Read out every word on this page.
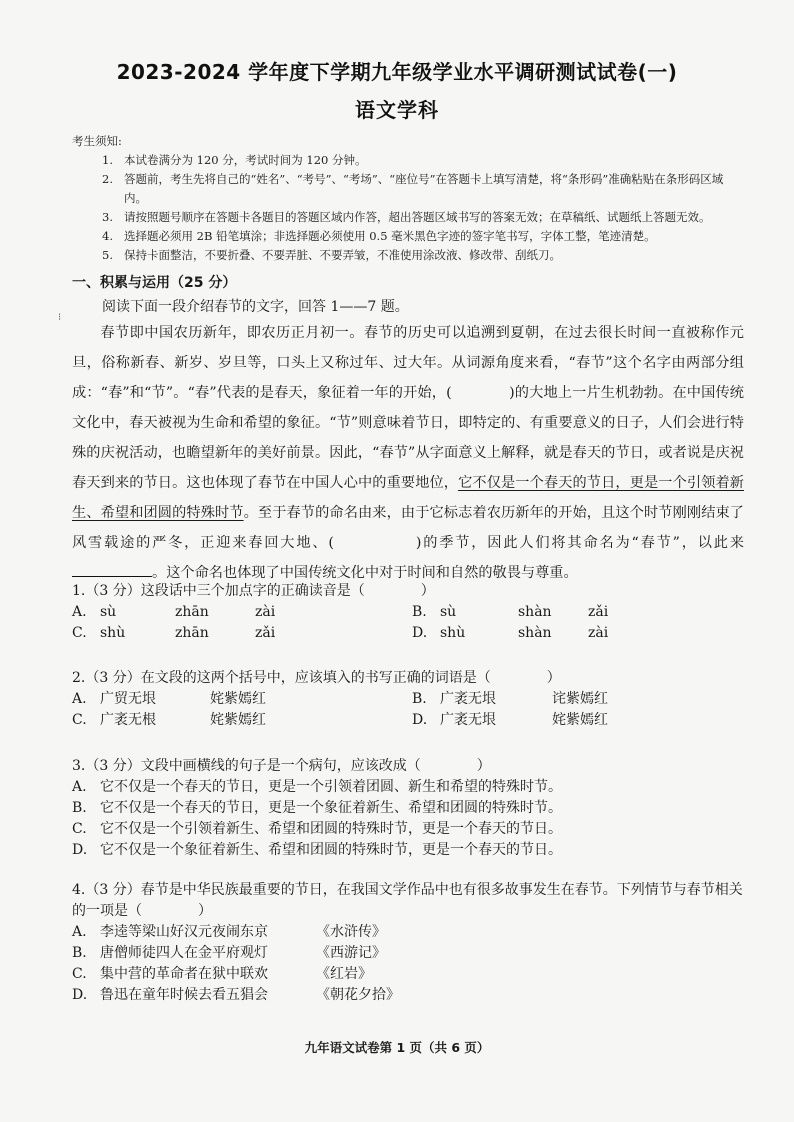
2023-2024 学年度下学期九年级学业水平调研测试试卷(一)
语文学科
考生须知:
1. 本试卷满分为 120 分，考试时间为 120 分钟。
2. 答题前，考生先将自己的“姓名”、“考号”、“考场”、“座位号”在答题卡上填写清楚，将“条形码”准确粘贴在条形码区域内。
3. 请按照题号顺序在答题卡各题目的答题区域内作答，超出答题区域书写的答案无效；在草稿纸、试题纸上答题无效。
4. 选择题必须用 2B 铅笔填涂；非选择题必须使用 0.5 毫米黑色字迹的签字笔书写，字体工整，笔迹清楚。
5. 保持卡面整洁，不要折叠、不要弄脏、不要弄皱，不准使用涂改液、修改带、刮纸刀。
一、积累与运用（25 分）
阅读下面一段介绍春节的文字，回答 1——7 题。
⁝

春节即中国农历新年，即农历正月初一。春节的历史可以追溯到夏朝，在过去很长时间一直被称作元旦，俗称新春、新岁、岁旦等，口头上又称过年、过大年。从词源角度来看，“春节”这个名字由两部分组成：“春”和“节”。“春”代表的是春天，象征着一年的开始，(　　　　)的大地上一片生机勃勃。在中国传统文化中，春天被视为生命和希望的象征。“节”则意味着节日，即特定的、有重要意义的日子，人们会进行特殊的庆祝活动，也瞻望新年的美好前景。因此，“春节”从字面意义上解释，就是春天的节日，或者说是庆祝春天到来的节日。这也体现了春节在中国人心中的重要地位，它不仅是一个春天的节日，更是一个引领着新生、希望和团圆的特殊时节。至于春节的命名由来，由于它标志着农历新年的开始，且这个时节刚刚结束了风雪载途的严冬，正迎来春回大地、(　　　　　)的季节，因此人们将其命名为“春节”，以此来。这个命名也体现了中国传统文化中对于时间和自然的敬畏与尊重。

1.（3 分）这段话中三个加点字的正确读音是（　　　　）
A. sù	zhān	zài	B. sù	shàn	zǎi
C. shù	zhān	zǎi	D. shù	shàn	zài
2.（3 分）在文段的这两个括号中，应该填入的书写正确的词语是（　　　　）
A. 广贸无垠	姹紫嫣红	B. 广袤无垠	诧紫嫣红
C. 广袤无根	姹紫嫣红	D. 广袤无垠	姹紫嫣红
3.（3 分）文段中画横线的句子是一个病句，应该改成（　　　　）
A. 它不仅是一个春天的节日，更是一个引领着团圆、新生和希望的特殊时节。
B. 它不仅是一个春天的节日，更是一个象征着新生、希望和团圆的特殊时节。
C. 它不仅是一个引领着新生、希望和团圆的特殊时节，更是一个春天的节日。
D. 它不仅是一个象征着新生、希望和团圆的特殊时节，更是一个春天的节日。
4.（3 分）春节是中华民族最重要的节日，在我国文学作品中也有很多故事发生在春节。下列情节与春节相关的一项是（　　　　）
A. 李逵等梁山好汉元夜闹东京	《水浒传》
B. 唐僧师徒四人在金平府观灯	《西游记》
C. 集中营的革命者在狱中联欢	《红岩》
D. 鲁迅在童年时候去看五猖会	《朝花夕拾》
九年语文试卷第 1 页（共 6 页）
